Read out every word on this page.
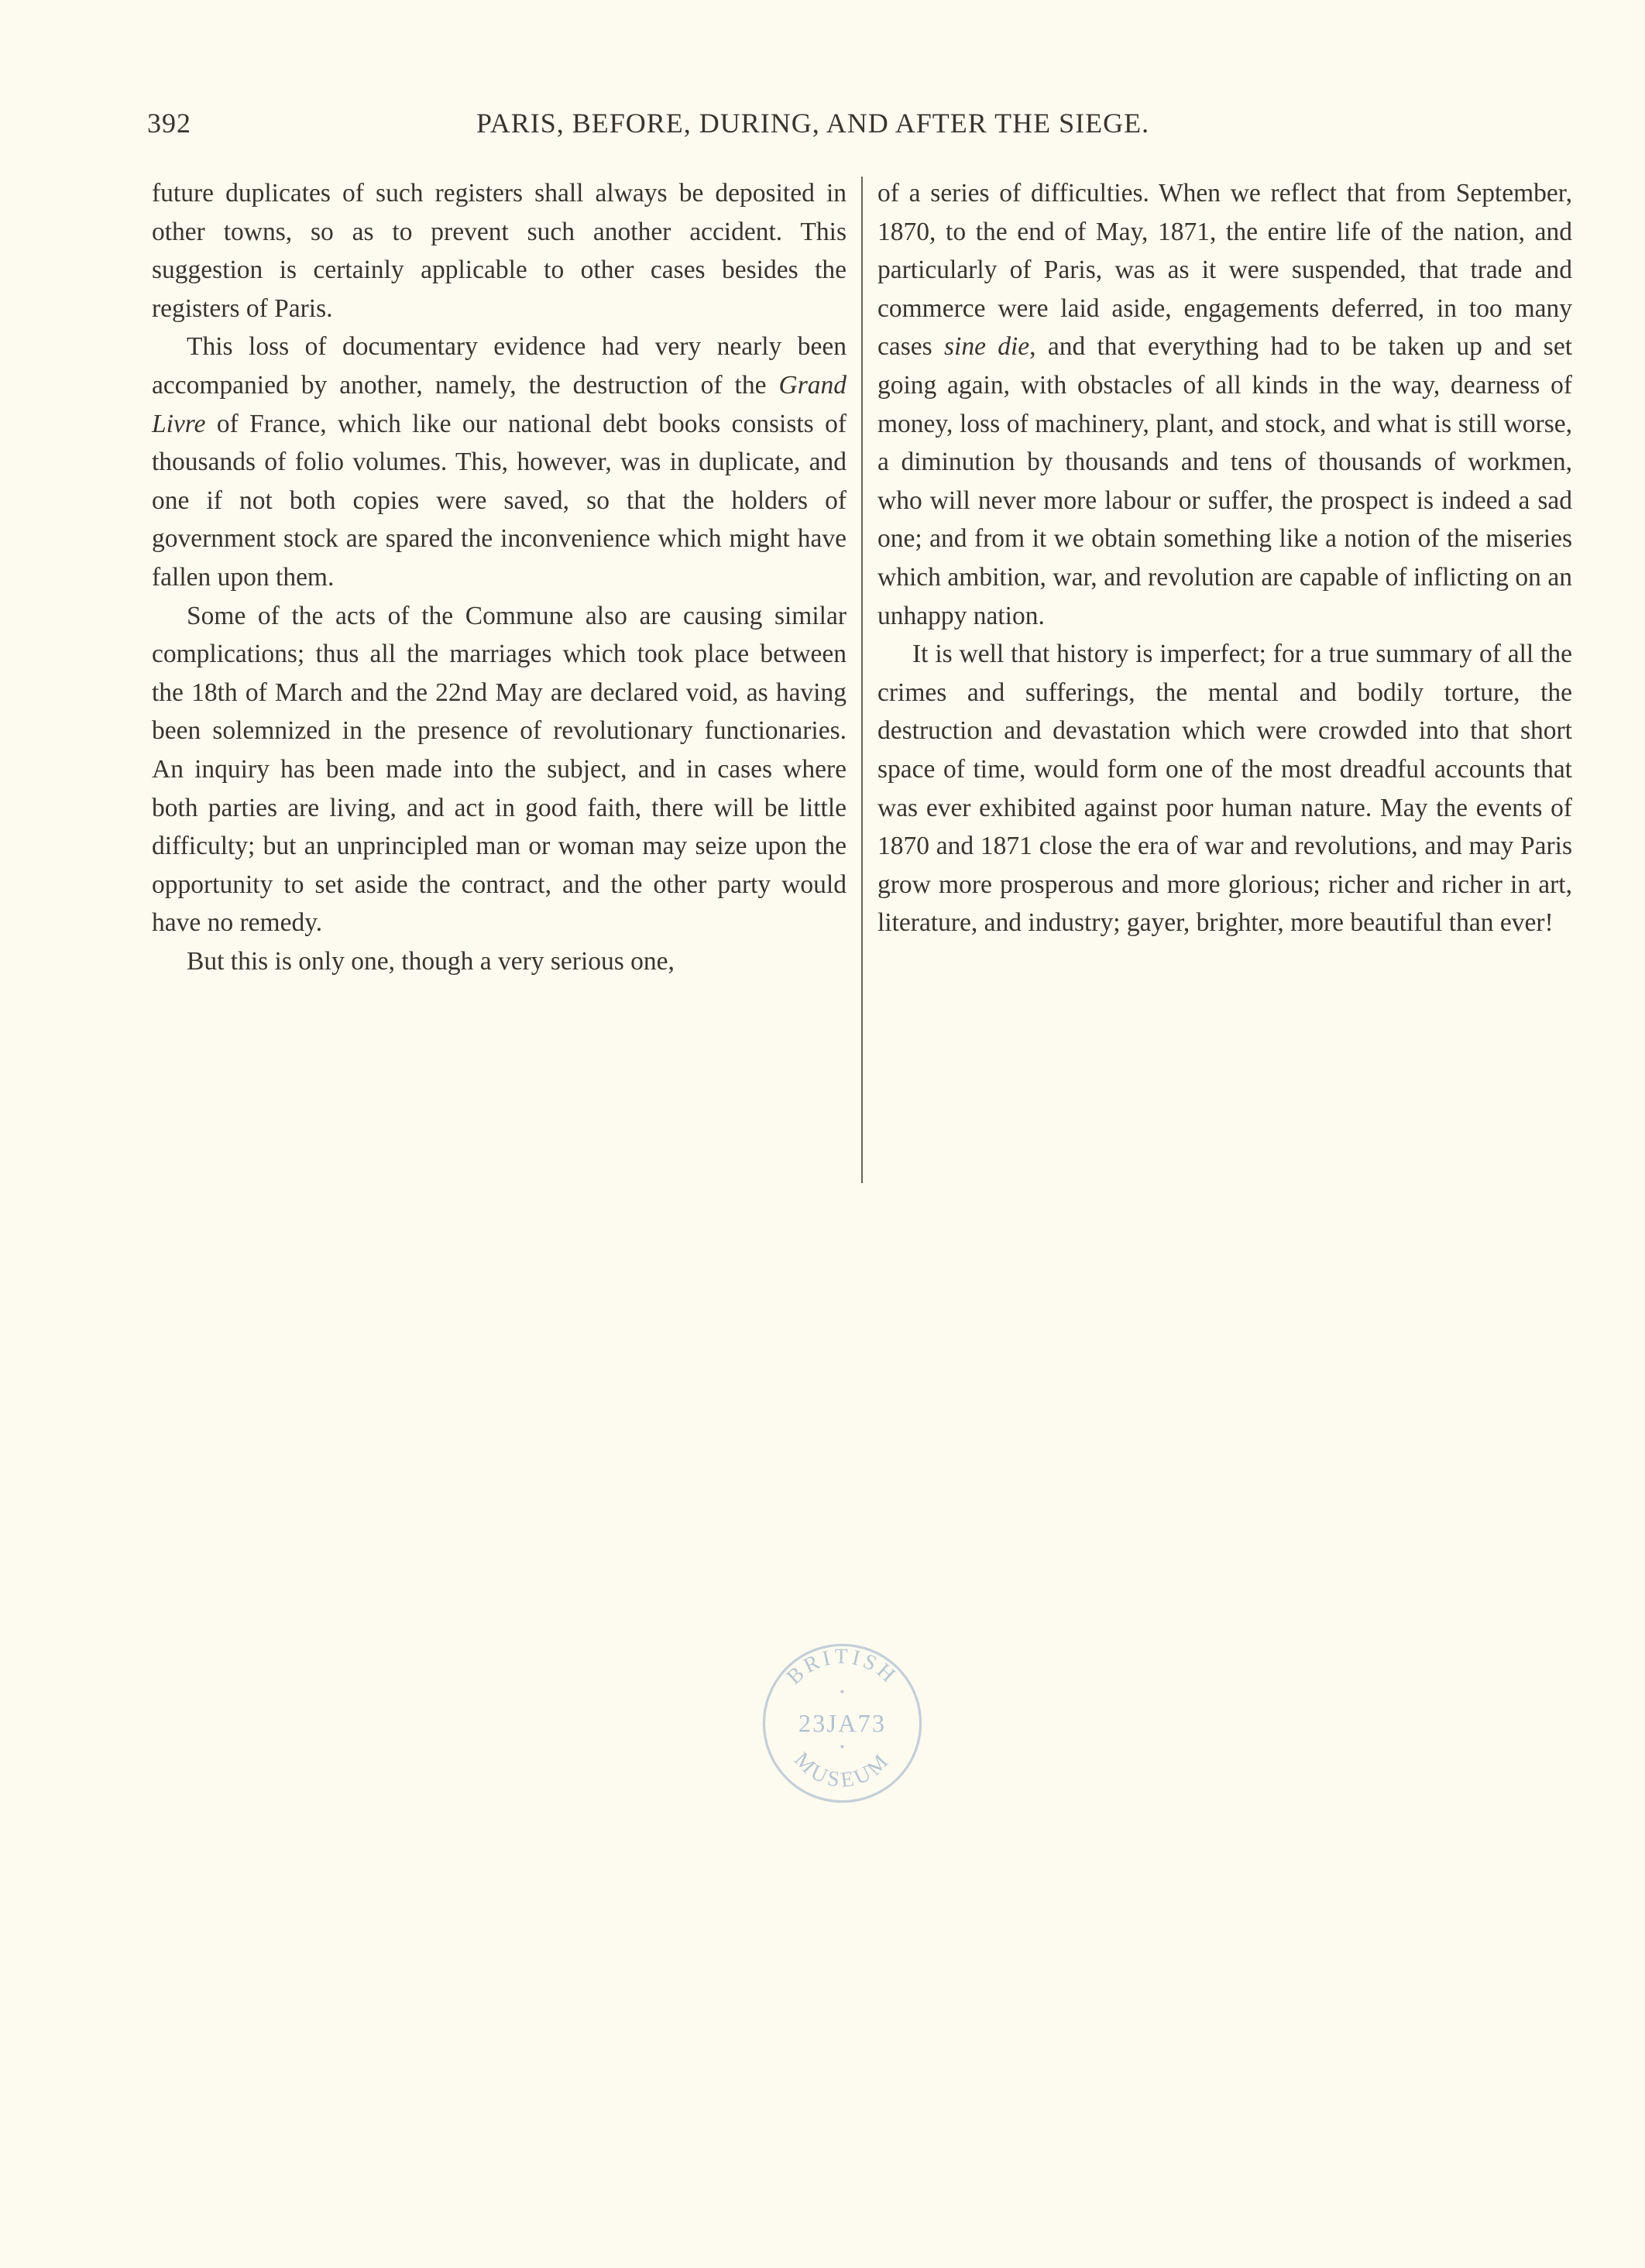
392	PARIS, BEFORE, DURING, AND AFTER THE SIEGE.

future duplicates of such registers shall always be deposited in other towns, so as to prevent such another accident. This suggestion is certainly applicable to other cases besides the registers of Paris.

This loss of documentary evidence had very nearly been accompanied by another, namely, the destruction of the Grand Livre of France, which like our national debt books consists of thousands of folio volumes. This, however, was in duplicate, and one if not both copies were saved, so that the holders of government stock are spared the inconvenience which might have fallen upon them.

Some of the acts of the Commune also are causing similar complications; thus all the marriages which took place between the 18th of March and the 22nd May are declared void, as having been solemnized in the presence of revolutionary functionaries. An inquiry has been made into the subject, and in cases where both parties are living, and act in good faith, there will be little difficulty; but an unprincipled man or woman may seize upon the opportunity to set aside the contract, and the other party would have no remedy.

But this is only one, though a very serious one,

of a series of difficulties. When we reflect that from September, 1870, to the end of May, 1871, the entire life of the nation, and particularly of Paris, was as it were suspended, that trade and commerce were laid aside, engagements deferred, in too many cases sine die, and that everything had to be taken up and set going again, with obstacles of all kinds in the way, dearness of money, loss of machinery, plant, and stock, and what is still worse, a diminution by thousands and tens of thousands of workmen, who will never more labour or suffer, the prospect is indeed a sad one; and from it we obtain something like a notion of the miseries which ambition, war, and revolution are capable of inflicting on an unhappy nation.

It is well that history is imperfect; for a true summary of all the crimes and sufferings, the mental and bodily torture, the destruction and devastation which were crowded into that short space of time, would form one of the most dreadful accounts that was ever exhibited against poor human nature. May the events of 1870 and 1871 close the era of war and revolutions, and may Paris grow more prosperous and more glorious; richer and richer in art, literature, and industry; gayer, brighter, more beautiful than ever!

BRITISH
23JA73
MUSEUM
